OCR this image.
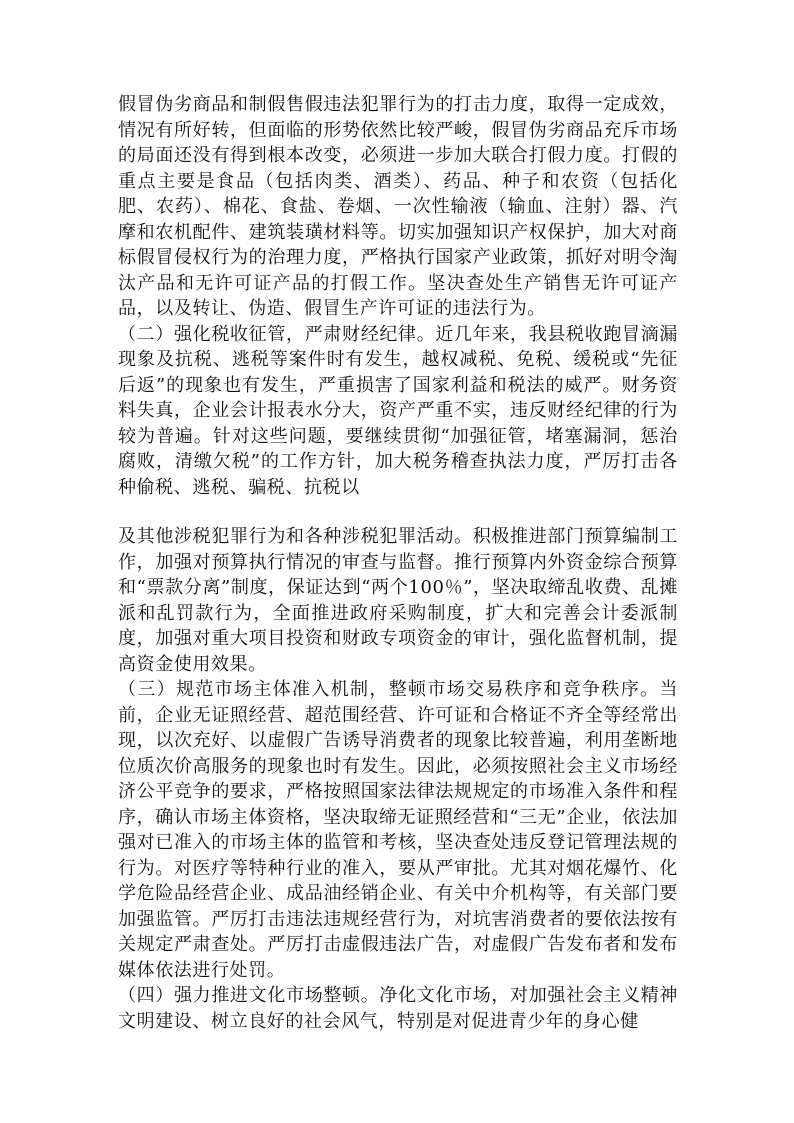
假冒伪劣商品和制假售假违法犯罪行为的打击力度，取得一定成效，情况有所好转，但面临的形势依然比较严峻，假冒伪劣商品充斥市场的局面还没有得到根本改变，必须进一步加大联合打假力度。打假的重点主要是食品（包括肉类、酒类）、药品、种子和农资（包括化肥、农药）、棉花、食盐、卷烟、一次性输液（输血、注射）器、汽摩和农机配件、建筑装璜材料等。切实加强知识产权保护，加大对商标假冒侵权行为的治理力度，严格执行国家产业政策，抓好对明令淘汰产品和无许可证产品的打假工作。坚决查处生产销售无许可证产品，以及转让、伪造、假冒生产许可证的违法行为。

（二）强化税收征管，严肃财经纪律。近几年来，我县税收跑冒滴漏现象及抗税、逃税等案件时有发生，越权减税、免税、缓税或“先征后返”的现象也有发生，严重损害了国家利益和税法的威严。财务资料失真，企业会计报表水分大，资产严重不实，违反财经纪律的行为较为普遍。针对这些问题，要继续贯彻“加强征管，堵塞漏洞，惩治腐败，清缴欠税”的工作方针，加大税务稽查执法力度，严厉打击各种偷税、逃税、骗税、抗税以

及其他涉税犯罪行为和各种涉税犯罪活动。积极推进部门预算编制工作，加强对预算执行情况的审查与监督。推行预算内外资金综合预算和“票款分离”制度，保证达到“两个100％”，坚决取缔乱收费、乱摊派和乱罚款行为，全面推进政府采购制度，扩大和完善会计委派制度，加强对重大项目投资和财政专项资金的审计，强化监督机制，提高资金使用效果。

（三）规范市场主体准入机制，整顿市场交易秩序和竞争秩序。当前，企业无证照经营、超范围经营、许可证和合格证不齐全等经常出现，以次充好、以虚假广告诱导消费者的现象比较普遍，利用垄断地位质次价高服务的现象也时有发生。因此，必须按照社会主义市场经济公平竞争的要求，严格按照国家法律法规规定的市场准入条件和程序，确认市场主体资格，坚决取缔无证照经营和“三无”企业，依法加强对已准入的市场主体的监管和考核，坚决查处违反登记管理法规的行为。对医疗等特种行业的准入，要从严审批。尤其对烟花爆竹、化学危险品经营企业、成品油经销企业、有关中介机构等，有关部门要加强监管。严厉打击违法违规经营行为，对坑害消费者的要依法按有关规定严肃查处。严厉打击虚假违法广告，对虚假广告发布者和发布媒体依法进行处罚。

（四）强力推进文化市场整顿。净化文化市场，对加强社会主义精神文明建设、树立良好的社会风气，特别是对促进青少年的身心健
